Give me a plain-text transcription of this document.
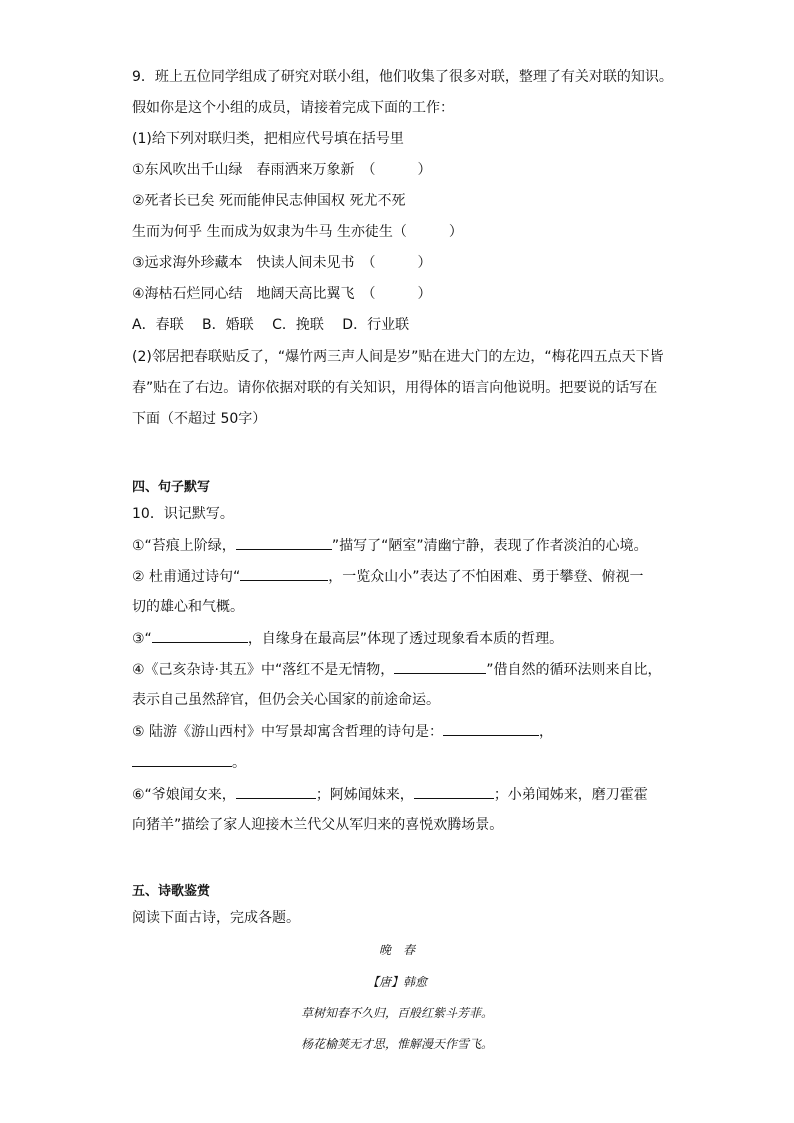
9．班上五位同学组成了研究对联小组，他们收集了很多对联，整理了有关对联的知识。
假如你是这个小组的成员，请接着完成下面的工作：
(1)给下列对联归类，把相应代号填在括号里
①东风吹出千山绿　春雨洒来万象新　（　　　）
②死者长已矣 死而能伸民志伸国权 死尤不死
生而为何乎 生而成为奴隶为牛马 生亦徒生（　　　）
③远求海外珍藏本　快读人间未见书　（　　　）
④海枯石烂同心结　地阔天高比翼飞　（　　　）
A．春联　 B．婚联　 C．挽联　 D．行业联
(2)邻居把春联贴反了，“爆竹两三声人间是岁”贴在进大门的左边，“梅花四五点天下皆
春”贴在了右边。请你依据对联的有关知识，用得体的语言向他说明。把要说的话写在
下面（不超过 50字）
四、句子默写
10．识记默写。
①“苔痕上阶绿，	”描写了“陋室”清幽宁静，表现了作者淡泊的心境。
② 杜甫通过诗句“	，一览众山小”表达了不怕困难、勇于攀登、俯视一
切的雄心和气概。
③“	，自缘身在最高层”体现了透过现象看本质的哲理。
④《己亥杂诗·其五》中“落红不是无情物，	”借自然的循环法则来自比，
表示自己虽然辞官，但仍会关心国家的前途命运。
⑤ 陆游《游山西村》中写景却寓含哲理的诗句是：	，
。
⑥“爷娘闻女来，	；阿姊闻妹来，	；小弟闻姊来，磨刀霍霍
向猪羊”描绘了家人迎接木兰代父从军归来的喜悦欢腾场景。
五、诗歌鉴赏
阅读下面古诗，完成各题。
晚　春
【唐】韩愈
草树知春不久归，百般红紫斗芳菲。
杨花榆荚无才思，惟解漫天作雪飞。
